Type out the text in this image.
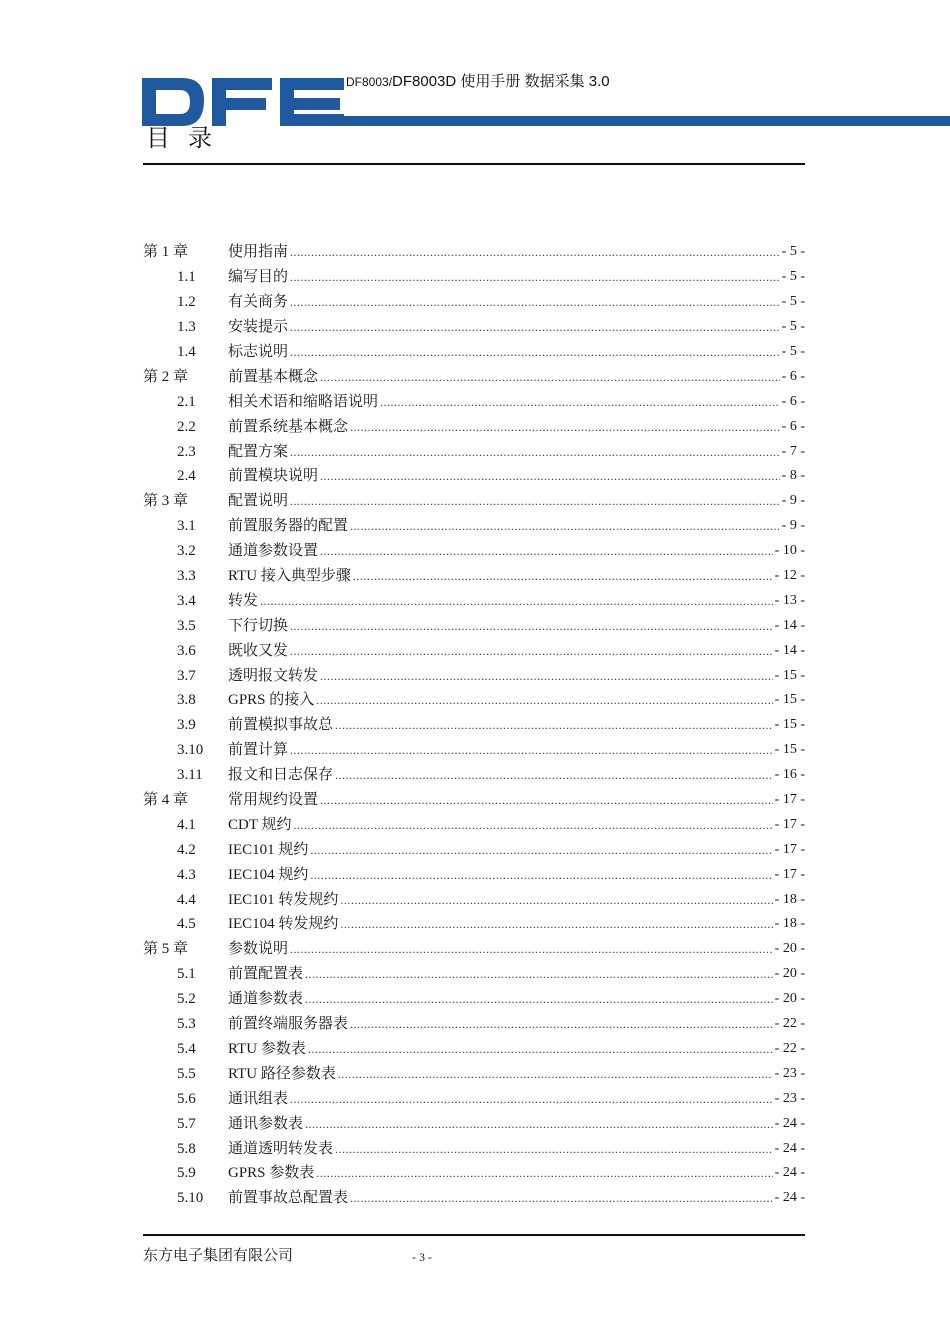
DF8003/DF8003D 使用手册 数据采集 3.0
目录
第 1 章	使用指南 .....	- 5 -
1.1	编写目的 .....	- 5 -
1.2	有关商务 .....	- 5 -
1.3	安装提示 .....	- 5 -
1.4	标志说明 .....	- 5 -
第 2 章	前置基本概念 .....	- 6 -
2.1	相关术语和缩略语说明 .....	- 6 -
2.2	前置系统基本概念 .....	- 6 -
2.3	配置方案 .....	- 7 -
2.4	前置模块说明 .....	- 8 -
第 3 章	配置说明 .....	- 9 -
3.1	前置服务器的配置 .....	- 9 -
3.2	通道参数设置 .....	- 10 -
3.3	RTU 接入典型步骤 .....	- 12 -
3.4	转发 .....	- 13 -
3.5	下行切换 .....	- 14 -
3.6	既收又发 .....	- 14 -
3.7	透明报文转发 .....	- 15 -
3.8	GPRS 的接入 .....	- 15 -
3.9	前置模拟事故总 .....	- 15 -
3.10	前置计算 .....	- 15 -
3.11	报文和日志保存 .....	- 16 -
第 4 章	常用规约设置 .....	- 17 -
4.1	CDT 规约 .....	- 17 -
4.2	IEC101 规约 .....	- 17 -
4.3	IEC104 规约 .....	- 17 -
4.4	IEC101 转发规约 .....	- 18 -
4.5	IEC104 转发规约 .....	- 18 -
第 5 章	参数说明 .....	- 20 -
5.1	前置配置表 .....	- 20 -
5.2	通道参数表 .....	- 20 -
5.3	前置终端服务器表 .....	- 22 -
5.4	RTU 参数表 .....	- 22 -
5.5	RTU 路径参数表 .....	- 23 -
5.6	通讯组表 .....	- 23 -
5.7	通讯参数表 .....	- 24 -
5.8	通道透明转发表 .....	- 24 -
5.9	GPRS 参数表 .....	- 24 -
5.10	前置事故总配置表 .....	- 24 -
东方电子集团有限公司	- 3 -
